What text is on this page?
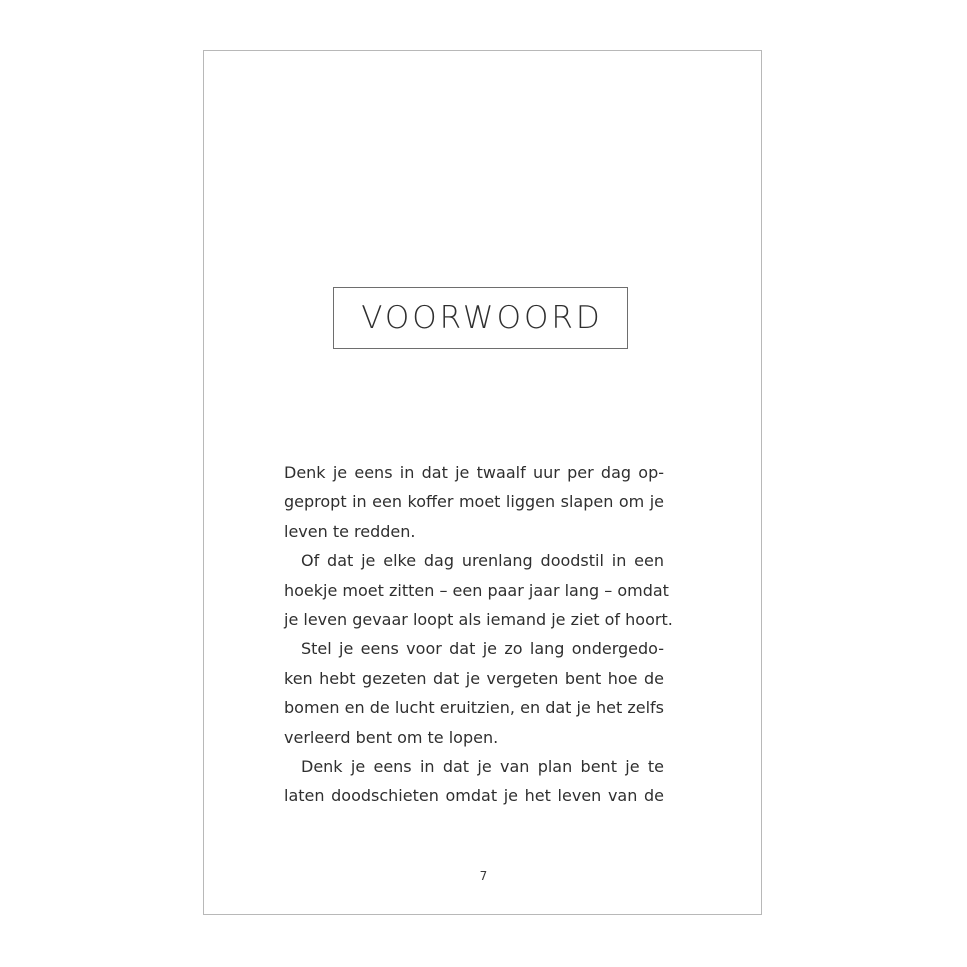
VOORWOORD
Denk je eens in dat je twaalf uur per dag op-
gepropt in een koffer moet liggen slapen om je
leven te redden.
Of dat je elke dag urenlang doodstil in een
hoekje moet zitten – een paar jaar lang – omdat
je leven gevaar loopt als iemand je ziet of hoort.
Stel je eens voor dat je zo lang ondergedo-
ken hebt gezeten dat je vergeten bent hoe de
bomen en de lucht eruitzien, en dat je het zelfs
verleerd bent om te lopen.
Denk je eens in dat je van plan bent je te
laten doodschieten omdat je het leven van de
7
